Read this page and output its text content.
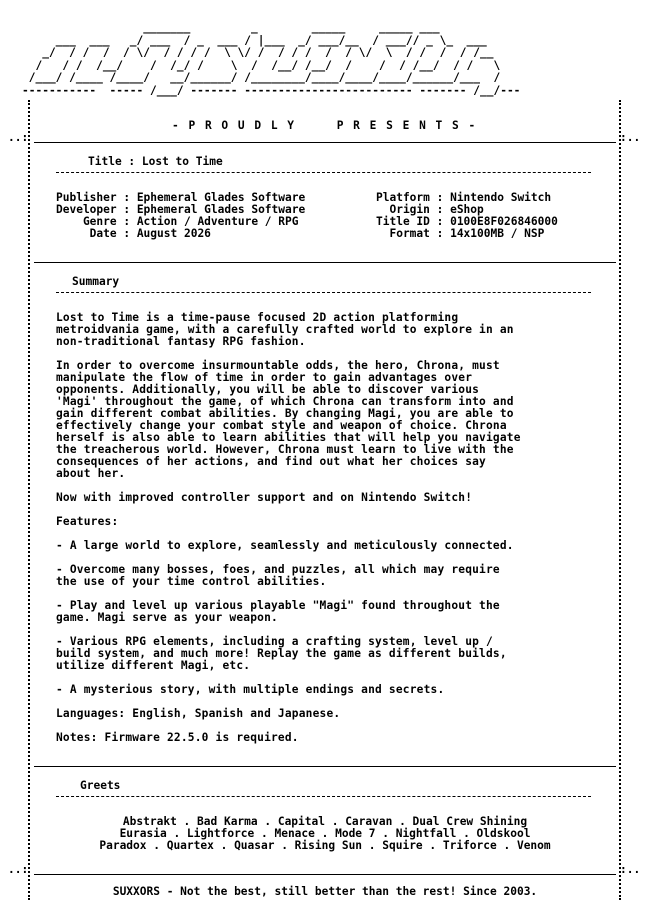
_______         _        _____     _____ ___
___  ___   _/ ___  / _  ___ / |___  _/ ___/__  / ___// _ \_  ___
_/  / /  /  / \/  / / / /  \ \/ /  / / /  /  / \/  \  / /  /  / /__
/   / /  /__/    /  /_/ /    \  /  /__/ /__/  /    /  / /__/  / /   \
/___/ /____ /____/   __/______/ /________/____/____/____/______/___  /
-----------  ----- /___/ ------- ------------------------- ------- /__/---
- P R O U D L Y     P R E S E N T S -
..:	:..
Title : Lost to Time
Publisher : Ephemeral Glades Software
Developer : Ephemeral Glades Software
Genre : Action / Adventure / RPG
Date : August 2026
Platform : Nintendo Switch
Origin : eShop
Title ID : 0100E8F026846000
Format : 14x100MB / NSP
Summary
Lost to Time is a time-pause focused 2D action platforming
metroidvania game, with a carefully crafted world to explore in an
non-traditional fantasy RPG fashion.
In order to overcome insurmountable odds, the hero, Chrona, must
manipulate the flow of time in order to gain advantages over
opponents. Additionally, you will be able to discover various
'Magi' throughout the game, of which Chrona can transform into and
gain different combat abilities. By changing Magi, you are able to
effectively change your combat style and weapon of choice. Chrona
herself is also able to learn abilities that will help you navigate
the treacherous world. However, Chrona must learn to live with the
consequences of her actions, and find out what her choices say
about her.
Now with improved controller support and on Nintendo Switch!
Features:
- A large world to explore, seamlessly and meticulously connected.
- Overcome many bosses, foes, and puzzles, all which may require
the use of your time control abilities.
- Play and level up various playable "Magi" found throughout the
game. Magi serve as your weapon.
- Various RPG elements, including a crafting system, level up /
build system, and much more! Replay the game as different builds,
utilize different Magi, etc.
- A mysterious story, with multiple endings and secrets.
Languages: English, Spanish and Japanese.
Notes: Firmware 22.5.0 is required.
Greets
Abstrakt . Bad Karma . Capital . Caravan . Dual Crew Shining
Eurasia . Lightforce . Menace . Mode 7 . Nightfall . Oldskool
Paradox . Quartex . Quasar . Rising Sun . Squire . Triforce . Venom
..:	:..
SUXXORS - Not the best, still better than the rest! Since 2003.
